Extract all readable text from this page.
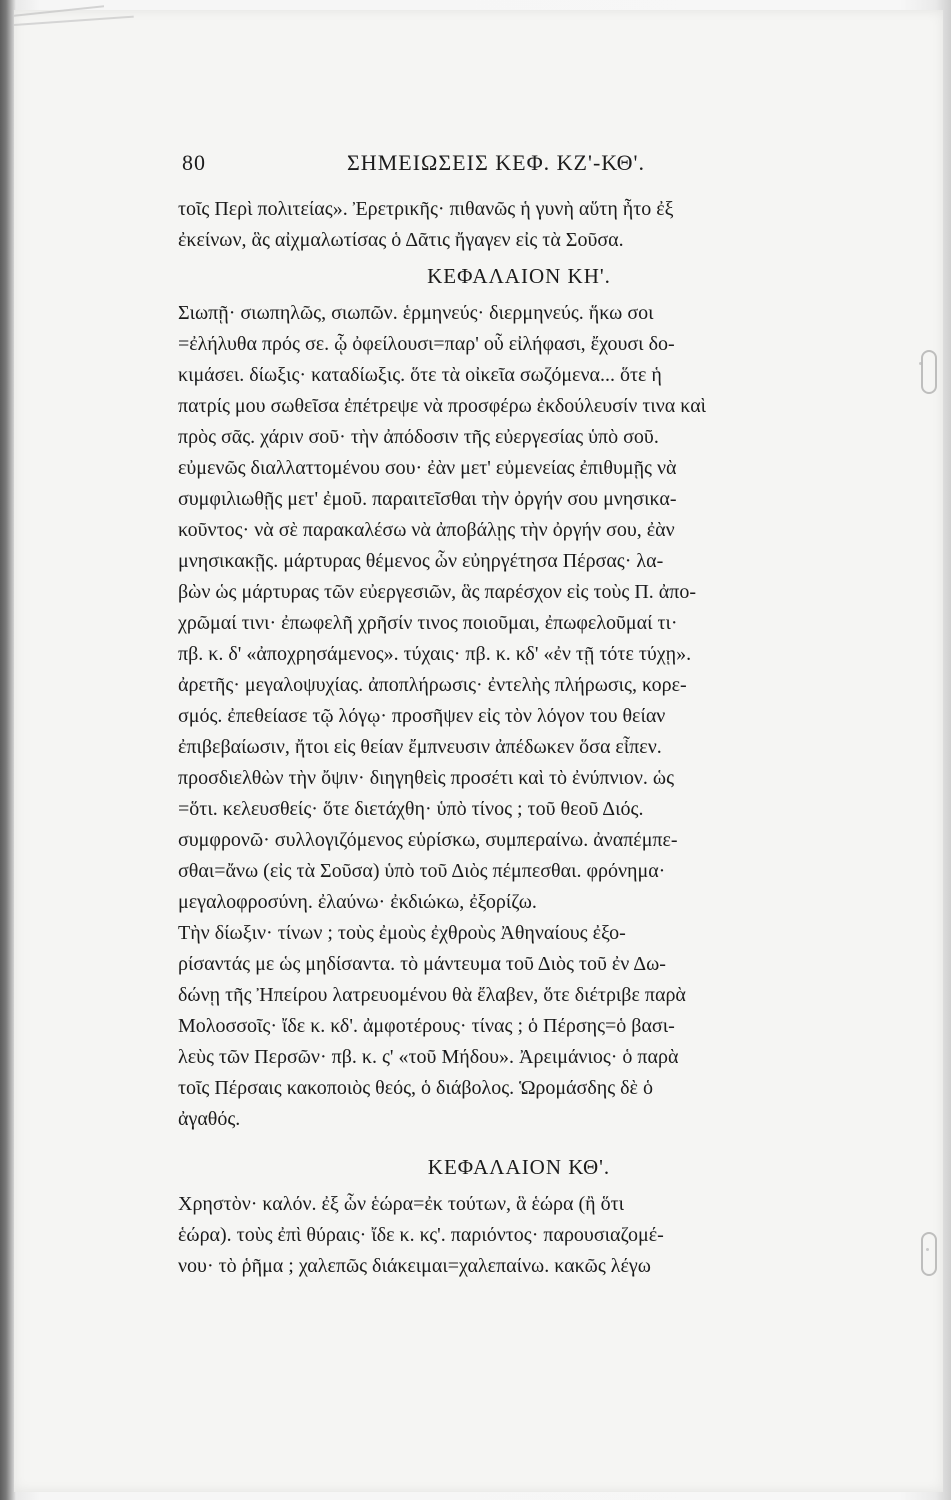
80	ΣΗΜΕΙΩΣΕΙΣ ΚΕΦ. ΚΖ'-ΚΘ'.
τοῖς Περὶ πολιτείας». Ἐρετρικῆς· πιθανῶς ἡ γυνὴ αὕτη ἦτο ἐξ
ἐκείνων, ἃς αἰχμαλωτίσας ὁ Δᾶτις ἤγαγεν εἰς τὰ Σοῦσα.
ΚΕΦΑΛΑΙΟΝ ΚΗ'.
Σιωπῇ· σιωπηλῶς, σιωπῶν. ἑρμηνεύς· διερμηνεύς. ἥκω σοι
=ἐλήλυθα πρός σε. ᾧ ὀφείλουσι=παρ' οὗ εἰλήφασι, ἔχουσι δο-
κιμάσει. δίωξις· καταδίωξις. ὅτε τὰ οἰκεῖα σωζόμενα... ὅτε ἡ
πατρίς μου σωθεῖσα ἐπέτρεψε νὰ προσφέρω ἐκδούλευσίν τινα καὶ
πρὸς σᾶς. χάριν σοῦ· τὴν ἀπόδοσιν τῆς εὐεργεσίας ὑπὸ σοῦ.
εὐμενῶς διαλλαττομένου σου· ἐὰν μετ' εὐμενείας ἐπιθυμῇς νὰ
συμφιλιωθῇς μετ' ἐμοῦ. παραιτεῖσθαι τὴν ὀργήν σου μνησικα-
κοῦντος· νὰ σὲ παρακαλέσω νὰ ἀποβάλῃς τὴν ὀργήν σου, ἐὰν
μνησικακῇς. μάρτυρας θέμενος ὧν εὐηργέτησα Πέρσας· λα-
βὼν ὡς μάρτυρας τῶν εὐεργεσιῶν, ἃς παρέσχον εἰς τοὺς Π. ἀπο-
χρῶμαί τινι· ἐπωφελῆ χρῆσίν τινος ποιοῦμαι, ἐπωφελοῦμαί τι·
πβ. κ. δ' «ἀποχρησάμενος». τύχαις· πβ. κ. κδ' «ἐν τῇ τότε τύχῃ».
ἀρετῆς· μεγαλοψυχίας. ἀποπλήρωσις· ἐντελὴς πλήρωσις, κορε-
σμός. ἐπεθείασε τῷ λόγῳ· προσῆψεν εἰς τὸν λόγον του θείαν
ἐπιβεβαίωσιν, ἤτοι εἰς θείαν ἔμπνευσιν ἀπέδωκεν ὅσα εἶπεν.
προσδιελθὼν τὴν ὄψιν· διηγηθεὶς προσέτι καὶ τὸ ἐνύπνιον. ὡς
=ὅτι. κελευσθείς· ὅτε διετάχθη· ὑπὸ τίνος ; τοῦ θεοῦ Διός.
συμφρονῶ· συλλογιζόμενος εὑρίσκω, συμπεραίνω. ἀναπέμπε-
σθαι=ἄνω (εἰς τὰ Σοῦσα) ὑπὸ τοῦ Διὸς πέμπεσθαι. φρόνημα·
μεγαλοφροσύνη. ἐλαύνω· ἐκδιώκω, ἐξορίζω.
Τὴν δίωξιν· τίνων ; τοὺς ἐμοὺς ἐχθροὺς Ἀθηναίους ἐξο-
ρίσαντάς με ὡς μηδίσαντα. τὸ μάντευμα τοῦ Διὸς τοῦ ἐν Δω-
δώνῃ τῆς Ἠπείρου λατρευομένου θὰ ἔλαβεν, ὅτε διέτριβε παρὰ
Μολοσσοῖς· ἴδε κ. κδ'. ἀμφοτέρους· τίνας ; ὁ Πέρσης=ὁ βασι-
λεὺς τῶν Περσῶν· πβ. κ. ς' «τοῦ Μήδου». Ἀρειμάνιος· ὁ παρὰ
τοῖς Πέρσαις κακοποιὸς θεός, ὁ διάβολος. Ὡρομάσδης δὲ ὁ
ἀγαθός.
ΚΕΦΑΛΑΙΟΝ ΚΘ'.
Χρηστὸν· καλόν. ἐξ ὧν ἑώρα=ἐκ τούτων, ἃ ἑώρα (ἢ ὅτι
ἑώρα). τοὺς ἐπὶ θύραις· ἴδε κ. κς'. παριόντος· παρουσιαζομέ-
νου· τὸ ῥῆμα ; χαλεπῶς διάκειμαι=χαλεπαίνω. κακῶς λέγω
